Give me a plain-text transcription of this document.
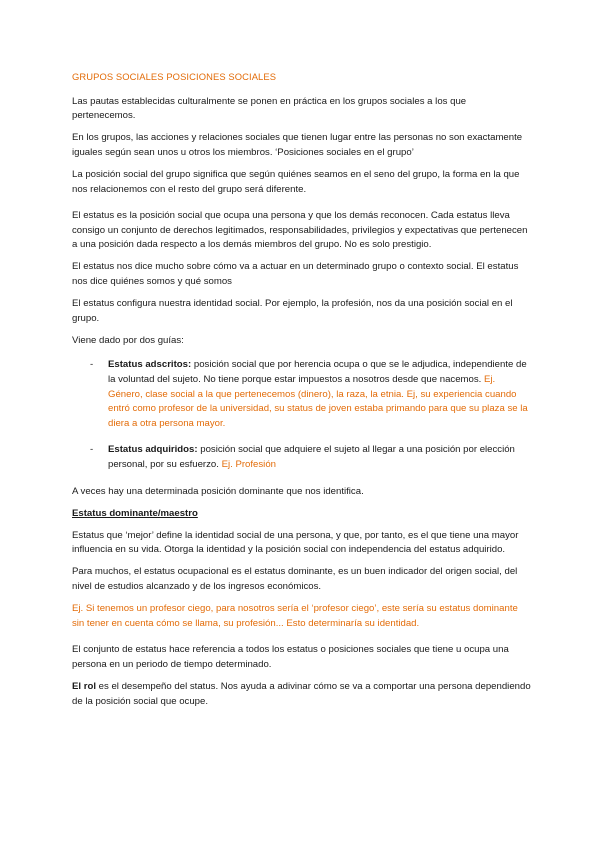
GRUPOS SOCIALES POSICIONES SOCIALES

Las pautas establecidas culturalmente se ponen en práctica en los grupos sociales a los que pertenecemos.

En los grupos, las acciones y relaciones sociales que tienen lugar entre las personas no son exactamente iguales según sean unos u otros los miembros. ‘Posiciones sociales en el grupo’

La posición social del grupo significa que según quiénes seamos en el seno del grupo, la forma en la que nos relacionemos con el resto del grupo será diferente.

El estatus es la posición social que ocupa una persona y que los demás reconocen. Cada estatus lleva consigo un conjunto de derechos legitimados, responsabilidades, privilegios y expectativas que pertenecen a una posición dada respecto a los demás miembros del grupo. No es solo prestigio.

El estatus nos dice mucho sobre cómo va a actuar en un determinado grupo o contexto social. El estatus nos dice quiénes somos y qué somos

El estatus configura nuestra identidad social. Por ejemplo, la profesión, nos da una posición social en el grupo.

Viene dado por dos guías:

- Estatus adscritos: posición social que por herencia ocupa o que se le adjudica, independiente de la voluntad del sujeto. No tiene porque estar impuestos a nosotros desde que nacemos. Ej. Género, clase social a la que pertenecemos (dinero), la raza, la etnia. Ej, su experiencia cuando entró como profesor de la universidad, su status de joven estaba primando para que su plaza se la diera a otra persona mayor.
- Estatus adquiridos: posición social que adquiere el sujeto al llegar a una posición por elección personal, por su esfuerzo. Ej. Profesión

A veces hay una determinada posición dominante que nos identifica.

Estatus dominante/maestro

Estatus que ‘mejor’ define la identidad social de una persona, y que, por tanto, es el que tiene una mayor influencia en su vida. Otorga la identidad y la posición social con independencia del estatus adquirido.

Para muchos, el estatus ocupacional es el estatus dominante, es un buen indicador del origen social, del nivel de estudios alcanzado y de los ingresos económicos.

Ej. Si tenemos un profesor ciego, para nosotros sería el ‘profesor ciego’, este sería su estatus dominante sin tener en cuenta cómo se llama, su profesión... Esto determinaría su identidad.

El conjunto de estatus hace referencia a todos los estatus o posiciones sociales que tiene u ocupa una persona en un periodo de tiempo determinado.

El rol es el desempeño del status. Nos ayuda a adivinar cómo se va a comportar una persona dependiendo de la posición social que ocupe.
